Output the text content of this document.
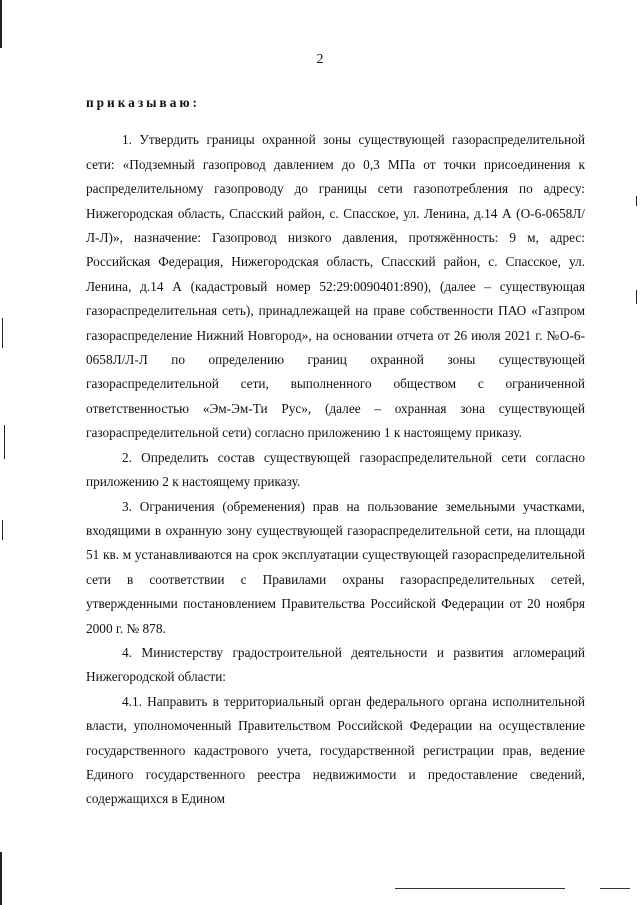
2

приказываю:

1. Утвердить границы охранной зоны существующей газораспределительной сети: «Подземный газопровод давлением до 0,3 МПа от точки присоединения к распределительному газопроводу до границы сети газопотребления по адресу: Нижегородская область, Спасский район, с. Спасское, ул. Ленина, д.14 А (О-6-0658Л/Л-Л)», назначение: Газопровод низкого давления, протяжённость: 9 м, адрес: Российская Федерация, Нижегородская область, Спасский район, с. Спасское, ул. Ленина, д.14 А (кадастровый номер 52:29:0090401:890), (далее – существующая газораспределительная сеть), принадлежащей на праве собственности ПАО «Газпром газораспределение Нижний Новгород», на основании отчета от 26 июля 2021 г. №О-6-0658Л/Л-Л по определению границ охранной зоны существующей газораспределительной сети, выполненного обществом с ограниченной ответственностью «Эм-Эм-Ти Рус», (далее – охранная зона существующей газораспределительной сети) согласно приложению 1 к настоящему приказу.

2. Определить состав существующей газораспределительной сети согласно приложению 2 к настоящему приказу.

3. Ограничения (обременения) прав на пользование земельными участками, входящими в охранную зону существующей газораспределительной сети, на площади 51 кв. м устанавливаются на срок эксплуатации существующей газораспределительной сети в соответствии с Правилами охраны газораспределительных сетей, утвержденными постановлением Правительства Российской Федерации от 20 ноября 2000 г. № 878.

4. Министерству градостроительной деятельности и развития агломераций Нижегородской области:

4.1. Направить в территориальный орган федерального органа исполнительной власти, уполномоченный Правительством Российской Федерации на осуществление государственного кадастрового учета, государственной регистрации прав, ведение Единого государственного реестра недвижимости и предоставление сведений, содержащихся в Едином
